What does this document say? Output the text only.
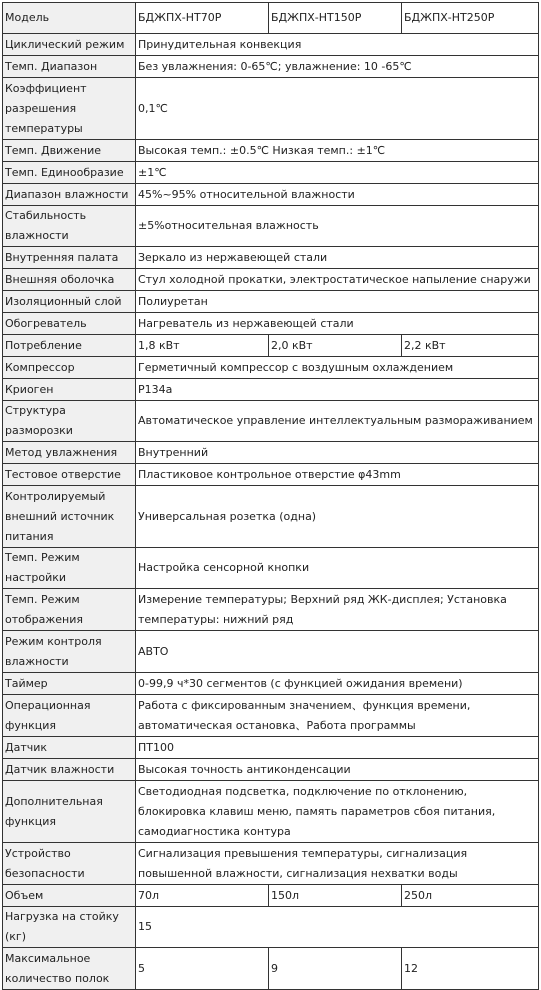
Модель	БДЖПХ-НТ70Р	БДЖПХ-НТ150Р	БДЖПХ-НТ250Р
Циклический режим	Принудительная конвекция		
Темп. Диапазон	Без увлажнения: 0-65℃; увлажнение: 10 -65℃		
Коэффициент разрешения температуры	0,1℃		
Темп. Движение	Высокая темп.: ±0.5℃ Низкая темп.: ±1℃		
Темп. Единообразие	±1℃		
Диапазон влажности	45%~95% относительной влажности		
Стабильность влажности	±5%относительная влажность		
Внутренняя палата	Зеркало из нержавеющей стали		
Внешняя оболочка	Стул холодной прокатки, электростатическое напыление снаружи		
Изоляционный слой	Полиуретан		
Обогреватель	Нагреватель из нержавеющей стали		
Потребление	1,8 кВт	2,0 кВт	2,2 кВт
Компрессор	Герметичный компрессор с воздушным охлаждением		
Криоген	Р134а		
Структура разморозки	Автоматическое управление интеллектуальным размораживанием		
Метод увлажнения	Внутренний		
Тестовое отверстие	Пластиковое контрольное отверстие φ43mm		
Контролируемый внешний источник питания	Универсальная розетка (одна)		
Темп. Режим настройки	Настройка сенсорной кнопки		
Темп. Режим отображения	Измерение температуры; Верхний ряд ЖК-дисплея; Установка температуры: нижний ряд		
Режим контроля влажности	АВТО		
Таймер	0-99,9 ч*30 сегментов (с функцией ожидания времени)		
Операционная функция	Работа с фиксированным значением、функция времени, автоматическая остановка、Работа программы		
Датчик	ПТ100		
Датчик влажности	Высокая точность антиконденсации		
Дополнительная функция	Светодиодная подсветка, подключение по отклонению, блокировка клавиш меню, память параметров сбоя питания, самодиагностика контура		
Устройство безопасности	Сигнализация превышения температуры, сигнализация повышенной влажности, сигнализация нехватки воды		
Объем	70л	150л	250л
Нагрузка на стойку (кг)	15		
Максимальное количество полок	5	9	12
